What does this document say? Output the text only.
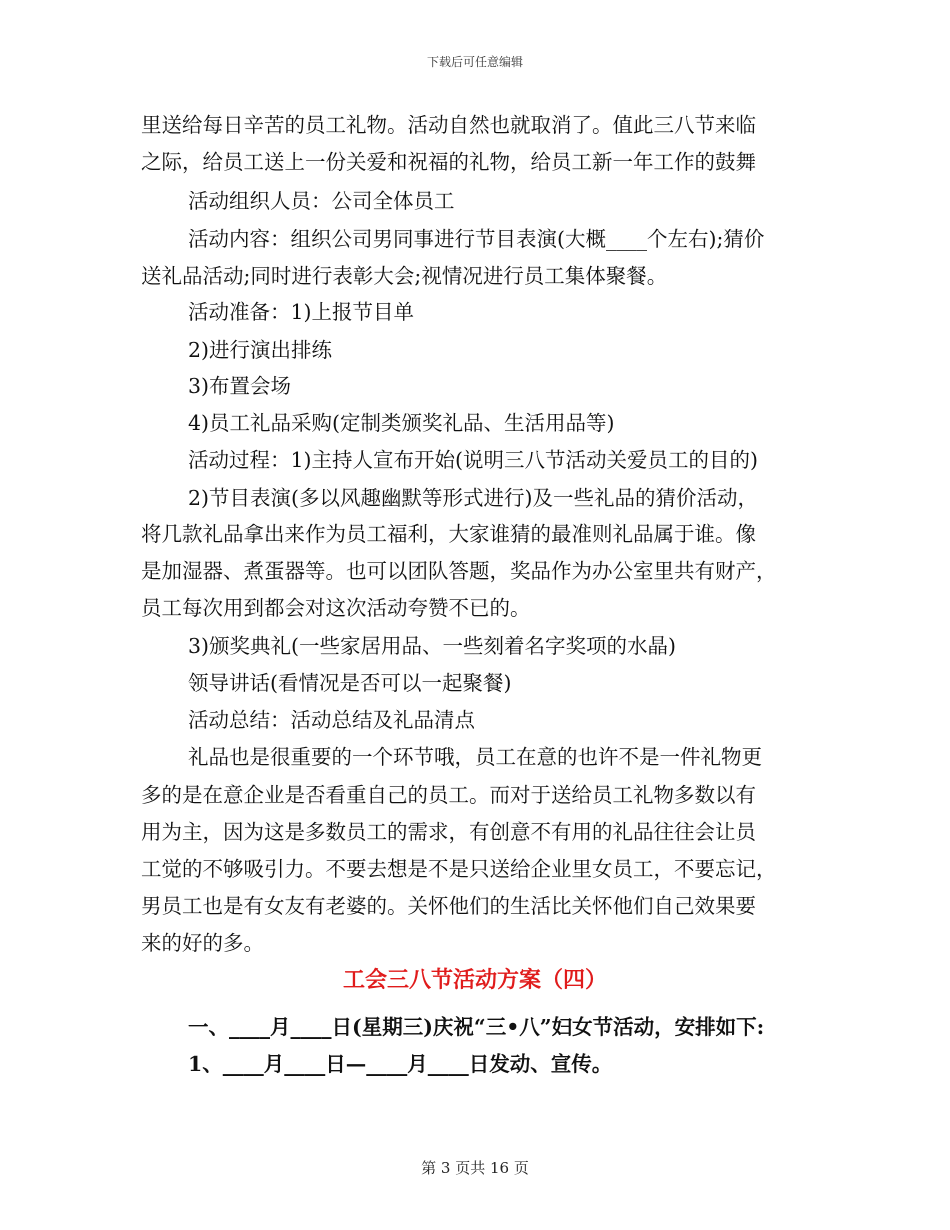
下载后可任意编辑
里送给每日辛苦的员工礼物。活动自然也就取消了。值此三八节来临
之际，给员工送上一份关爱和祝福的礼物，给员工新一年工作的鼓舞
活动组织人员：公司全体员工
活动内容：组织公司男同事进行节目表演(大概____个左右);猜价
送礼品活动;同时进行表彰大会;视情况进行员工集体聚餐。
活动准备：1)上报节目单
2)进行演出排练
3)布置会场
4)员工礼品采购(定制类颁奖礼品、生活用品等)
活动过程：1)主持人宣布开始(说明三八节活动关爱员工的目的)
2)节目表演(多以风趣幽默等形式进行)及一些礼品的猜价活动，
将几款礼品拿出来作为员工福利，大家谁猜的最准则礼品属于谁。像
是加湿器、煮蛋器等。也可以团队答题，奖品作为办公室里共有财产，
员工每次用到都会对这次活动夸赞不已的。
3)颁奖典礼(一些家居用品、一些刻着名字奖项的水晶)
领导讲话(看情况是否可以一起聚餐)
活动总结：活动总结及礼品清点
礼品也是很重要的一个环节哦，员工在意的也许不是一件礼物更
多的是在意企业是否看重自己的员工。而对于送给员工礼物多数以有
用为主，因为这是多数员工的需求，有创意不有用的礼品往往会让员
工觉的不够吸引力。不要去想是不是只送给企业里女员工，不要忘记，
男员工也是有女友有老婆的。关怀他们的生活比关怀他们自己效果要
来的好的多。
工会三八节活动方案（四）
一、____月____日(星期三)庆祝“三•八”妇女节活动，安排如下:
1、____月____日—____月____日发动、宣传。
第 3 页共 16 页
